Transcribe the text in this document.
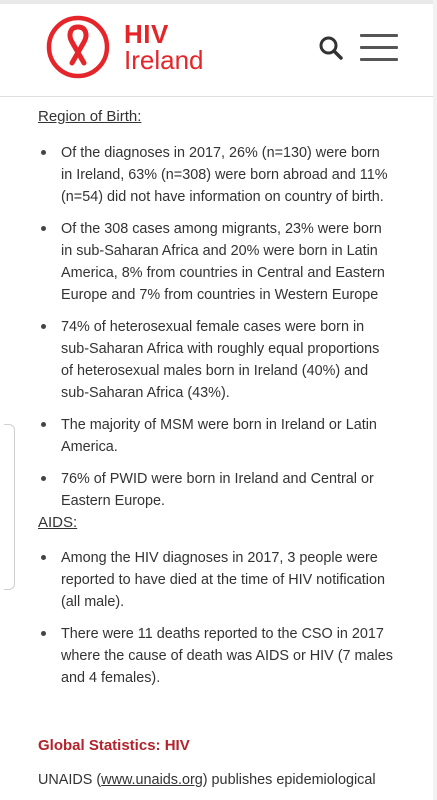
HIV
Ireland
Region of Birth:
Of the diagnoses in 2017, 26% (n=130) were born in Ireland, 63% (n=308) were born abroad and 11% (n=54) did not have information on country of birth.
Of the 308 cases among migrants, 23% were born in sub-Saharan Africa and 20% were born in Latin America, 8% from countries in Central and Eastern Europe and 7% from countries in Western Europe
74% of heterosexual female cases were born in sub-Saharan Africa with roughly equal proportions of heterosexual males born in Ireland (40%) and sub-Saharan Africa (43%).
The majority of MSM were born in Ireland or Latin America.
76% of PWID were born in Ireland and Central or Eastern Europe.
AIDS:
Among the HIV diagnoses in 2017, 3 people were reported to have died at the time of HIV notification (all male).
There were 11 deaths reported to the CSO in 2017 where the cause of death was AIDS or HIV (7 males and 4 females).
Global Statistics: HIV
UNAIDS (www.unaids.org) publishes epidemiological
